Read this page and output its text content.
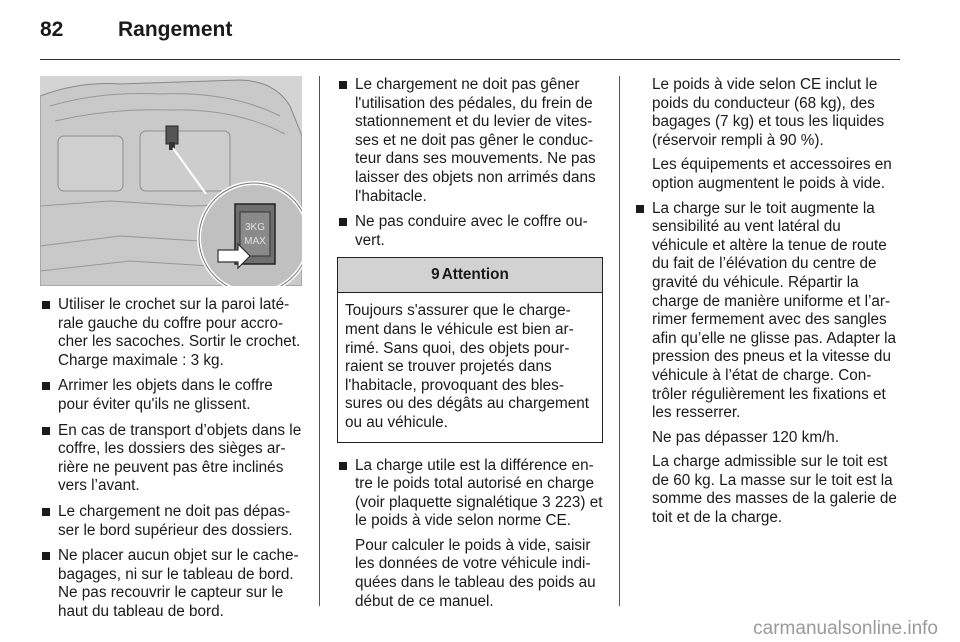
82	Rangement
3KG
MAX
Utiliser le crochet sur la paroi latérale gauche du coffre pour accrocher les sacoches. Sortir le crochet. Charge maximale : 3 kg.
Arrimer les objets dans le coffre pour éviter qu'ils ne glissent.
En cas de transport d’objets dans le coffre, les dossiers des sièges arrière ne peuvent pas être inclinés vers l’avant.
Le chargement ne doit pas dépasser le bord supérieur des dossiers.
Ne placer aucun objet sur le cache-bagages, ni sur le tableau de bord. Ne pas recouvrir le capteur sur le haut du tableau de bord.
Le chargement ne doit pas gêner l'utilisation des pédales, du frein de stationnement et du levier de vitesses et ne doit pas gêner le conducteur dans ses mouvements. Ne pas laisser des objets non arrimés dans l'habitacle.
Ne pas conduire avec le coffre ouvert.
9 Attention
Toujours s'assurer que le chargement dans le véhicule est bien arrimé. Sans quoi, des objets pourraient se trouver projetés dans l'habitacle, provoquant des blessures ou des dégâts au chargement ou au véhicule.
La charge utile est la différence entre le poids total autorisé en charge (voir plaquette signalétique 3 223) et le poids à vide selon norme CE.

Pour calculer le poids à vide, saisir les données de votre véhicule indiquées dans le tableau des poids au début de ce manuel.

Le poids à vide selon CE inclut le poids du conducteur (68 kg), des bagages (7 kg) et tous les liquides (réservoir rempli à 90 %).

Les équipements et accessoires en option augmentent le poids à vide.

La charge sur le toit augmente la sensibilité au vent latéral du véhicule et altère la tenue de route du fait de l’élévation du centre de gravité du véhicule. Répartir la charge de manière uniforme et l’arrimer fermement avec des sangles afin qu’elle ne glisse pas. Adapter la pression des pneus et la vitesse du véhicule à l’état de charge. Contrôler régulièrement les fixations et les resserrer.

Ne pas dépasser 120 km/h.

La charge admissible sur le toit est de 60 kg. La masse sur le toit est la somme des masses de la galerie de toit et de la charge.

carmanualsonline.info
